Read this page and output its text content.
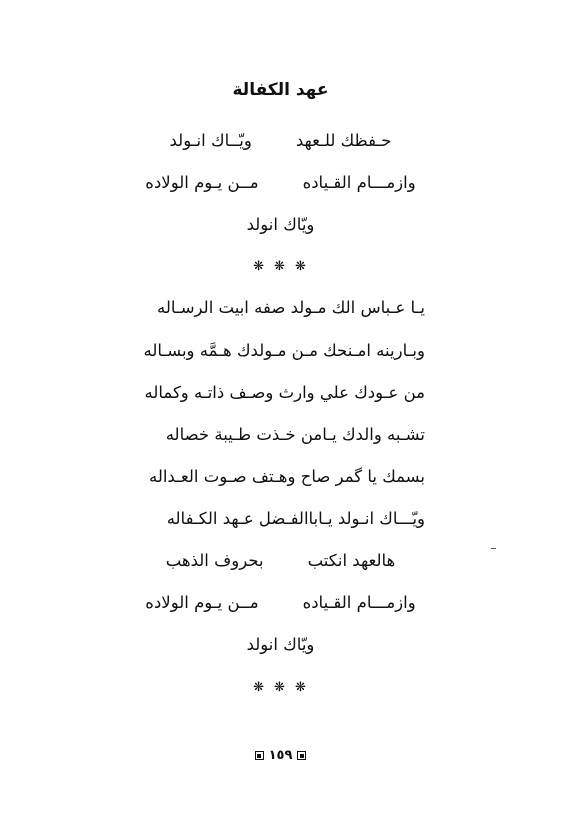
عهد الكفالة
حـفظك للـعهدويّــاك انـولد
وازمـــام القـيادهمــن يـوم الولاده
ويّاك انولد
❋❋❋
يـا عـباس الك مـولد صفه ابيت الرسـاله
وبـارينه امـنحك مـن مـولدك هـمَّه وبسـاله
من عـودك علي وارث وصـف ذاتـه وكماله
تشـبه والدك يـامن خـذت طـيبة خصاله
بسمك يا گمر صاح وهـتف صـوت العـداله
ويّـــاك انـولد يـاباالفـضل عـهد الكـفاله
هالعهد انكتببحروف الذهب
وازمـــام القـيادهمــن يـوم الولاده
ويّاك انولد
❋❋❋
١٥٩
